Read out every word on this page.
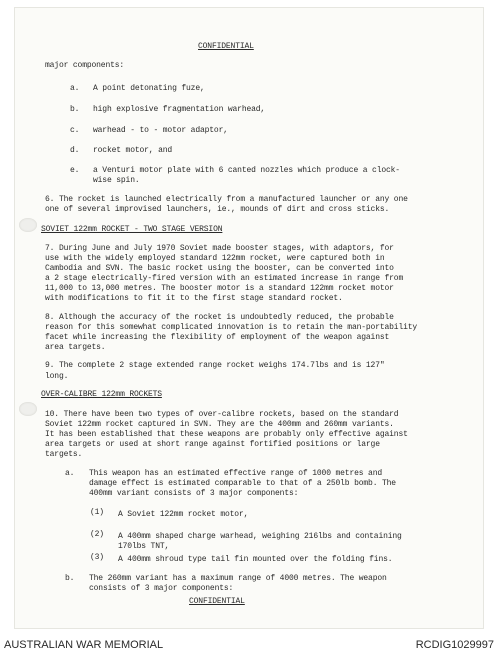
CONFIDENTIAL
major components:
a. A point detonating fuze,
b. high explosive fragmentation warhead,
c. warhead - to - motor adaptor,
d. rocket motor, and
e. a Venturi motor plate with 6 canted nozzles which produce a clock-
wise spin.
6. The rocket is launched electrically from a manufactured launcher or any one
one of several improvised launchers, ie., mounds of dirt and cross sticks.
SOVIET 122mm ROCKET - TWO STAGE VERSION
7. During June and July 1970 Soviet made booster stages, with adaptors, for
use with the widely employed standard 122mm rocket, were captured both in
Cambodia and SVN. The basic rocket using the booster, can be converted into
a 2 stage electrically-fired version with an estimated increase in range from
11,000 to 13,000 metres. The booster motor is a standard 122mm rocket motor
with modifications to fit it to the first stage standard rocket.
8. Although the accuracy of the rocket is undoubtedly reduced, the probable
reason for this somewhat complicated innovation is to retain the man-portability
facet while increasing the flexibility of employment of the weapon against
area targets.
9. The complete 2 stage extended range rocket weighs 174.7lbs and is 127"
long.
OVER-CALIBRE 122mm ROCKETS
10. There have been two types of over-calibre rockets, based on the standard
Soviet 122mm rocket captured in SVN. They are the 400mm and 260mm variants.
It has been established that these weapons are probably only effective against
area targets or used at short range against fortified positions or large
targets.
a. This weapon has an estimated effective range of 1000 metres and
damage effect is estimated comparable to that of a 250lb bomb. The
400mm variant consists of 3 major components:
(1) A Soviet 122mm rocket motor,
(2) A 400mm shaped charge warhead, weighing 216lbs and containing
170lbs TNT,
(3) A 400mm shroud type tail fin mounted over the folding fins.
b. The 260mm variant has a maximum range of 4000 metres. The weapon
consists of 3 major components:
CONFIDENTIAL
AUSTRALIAN WAR MEMORIAL	RCDIG1029997
